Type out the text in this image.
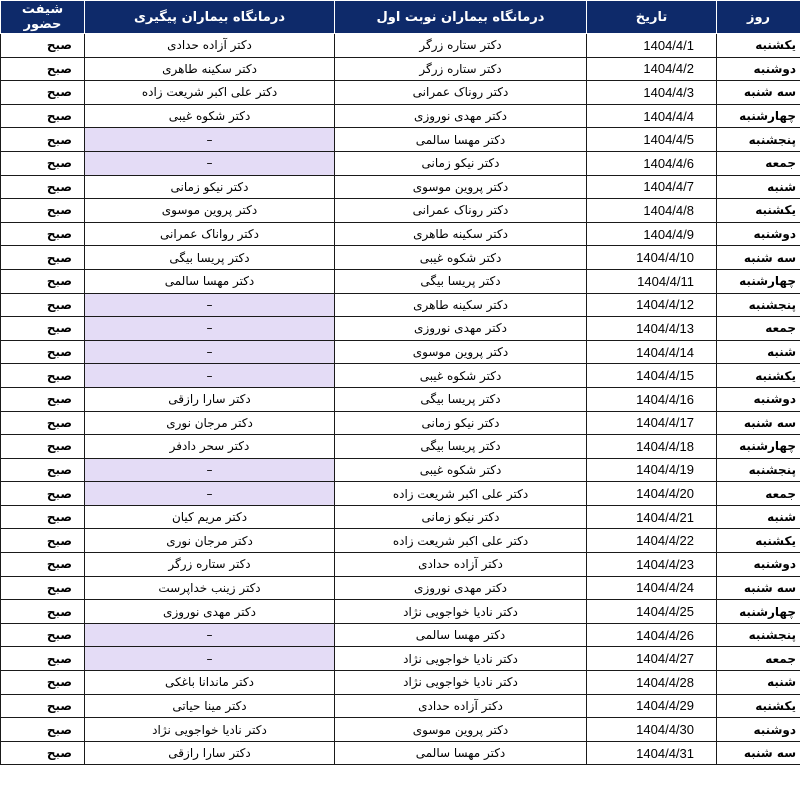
روز	تاریخ	درمانگاه بیماران نوبت اول	درمانگاه بیماران پیگیری	شیفت حضور
یکشنبه	1404/4/1	دکتر ستاره زرگر	دکتر آزاده حدادی	صبح
دوشنبه	1404/4/2	دکتر ستاره زرگر	دکتر سکینه طاهری	صبح
سه شنبه	1404/4/3	دکتر روناک عمرانی	دکتر علی اکبر شریعت زاده	صبح
چهارشنبه	1404/4/4	دکتر مهدی نوروزی	دکتر شکوه غیبی	صبح
پنجشنبه	1404/4/5	دکتر مهسا سالمی	–	صبح
جمعه	1404/4/6	دکتر نیکو زمانی	–	صبح
شنبه	1404/4/7	دکتر پروین موسوی	دکتر نیکو زمانی	صبح
یکشنبه	1404/4/8	دکتر روناک عمرانی	دکتر پروین موسوی	صبح
دوشنبه	1404/4/9	دکتر سکینه طاهری	دکتر رواناک عمرانی	صبح
سه شنبه	1404/4/10	دکتر شکوه غیبی	دکتر پریسا بیگی	صبح
چهارشنبه	1404/4/11	دکتر پریسا بیگی	دکتر مهسا سالمی	صبح
پنجشنبه	1404/4/12	دکتر سکینه طاهری	–	صبح
جمعه	1404/4/13	دکتر مهدی نوروزی	–	صبح
شنبه	1404/4/14	دکتر پروین موسوی	–	صبح
یکشنبه	1404/4/15	دکتر شکوه غیبی	–	صبح
دوشنبه	1404/4/16	دکتر پریسا بیگی	دکتر سارا رازقی	صبح
سه شنبه	1404/4/17	دکتر نیکو زمانی	دکتر مرجان نوری	صبح
چهارشنبه	1404/4/18	دکتر پریسا بیگی	دکتر سحر دادفر	صبح
پنجشنبه	1404/4/19	دکتر شکوه غیبی	–	صبح
جمعه	1404/4/20	دکتر علی اکبر شریعت زاده	–	صبح
شنبه	1404/4/21	دکتر نیکو زمانی	دکتر مریم کیان	صبح
یکشنبه	1404/4/22	دکتر علی اکبر شریعت زاده	دکتر مرجان نوری	صبح
دوشنبه	1404/4/23	دکتر آزاده حدادی	دکتر ستاره زرگر	صبح
سه شنبه	1404/4/24	دکتر مهدی نوروزی	دکتر زینب خداپرست	صبح
چهارشنبه	1404/4/25	دکتر نادیا خواجویی نژاد	دکتر مهدی نوروزی	صبح
پنجشنبه	1404/4/26	دکتر مهسا سالمی	–	صبح
جمعه	1404/4/27	دکتر نادیا خواجویی نژاد	–	صبح
شنبه	1404/4/28	دکتر نادیا خواجویی نژاد	دکتر ماندانا باغکی	صبح
یکشنبه	1404/4/29	دکتر آزاده حدادی	دکتر مینا حیاتی	صبح
دوشنبه	1404/4/30	دکتر پروین موسوی	دکتر نادیا خواجویی نژاد	صبح
سه شنبه	1404/4/31	دکتر مهسا سالمی	دکتر سارا رازقی	صبح
